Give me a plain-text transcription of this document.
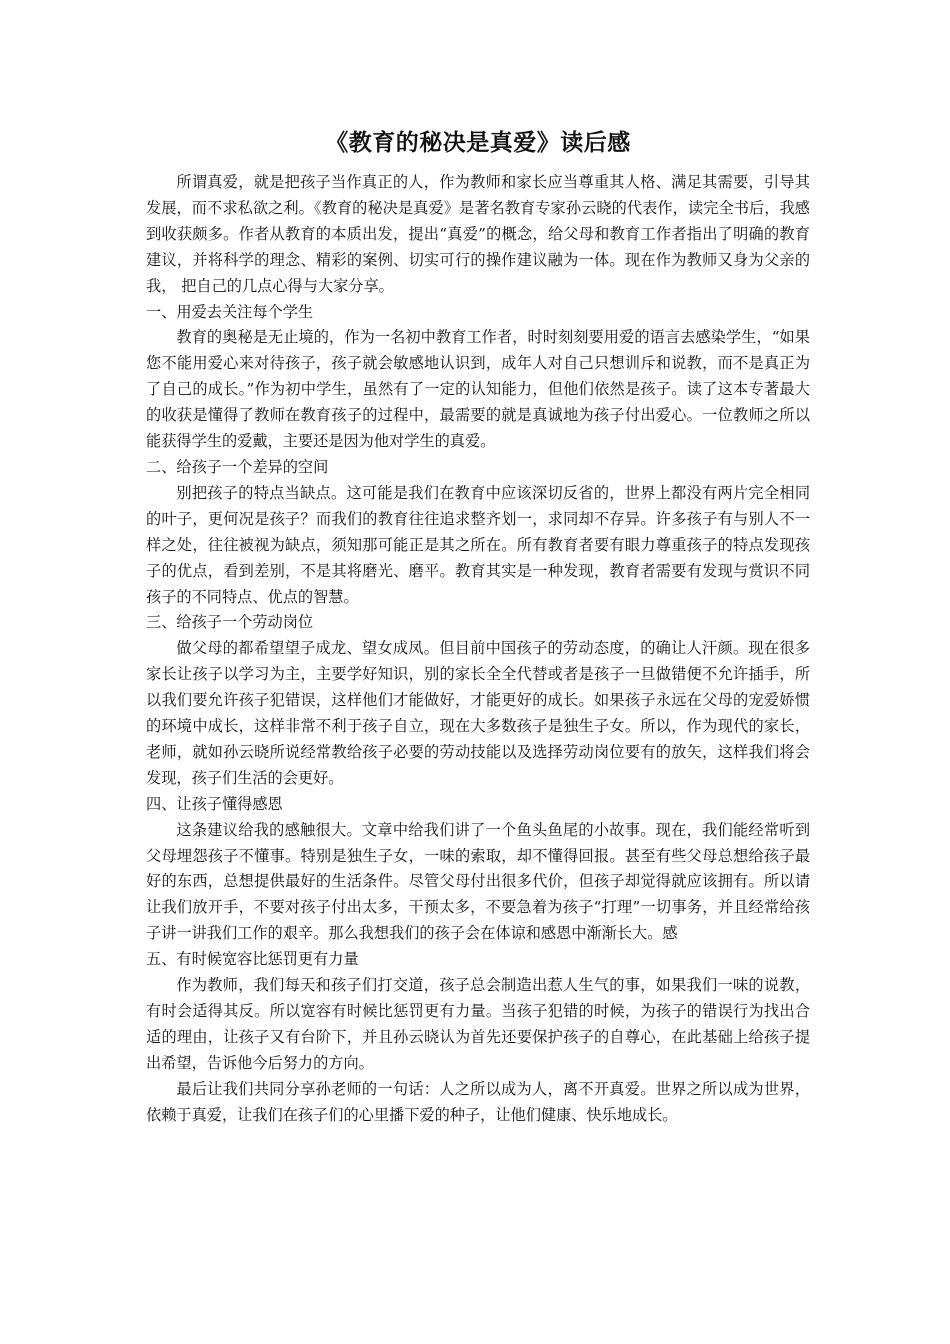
《教育的秘决是真爱》读后感

所谓真爱，就是把孩子当作真正的人，作为教师和家长应当尊重其人格、满足其需要，引导其发展，而不求私欲之利。《教育的秘决是真爱》是著名教育专家孙云晓的代表作，读完全书后，我感到收获颇多。作者从教育的本质出发，提出“真爱”的概念，给父母和教育工作者指出了明确的教育建议，并将科学的理念、精彩的案例、切实可行的操作建议融为一体。现在作为教师又身为父亲的我， 把自己的几点心得与大家分享。

一、用爱去关注每个学生

教育的奥秘是无止境的，作为一名初中教育工作者，时时刻刻要用爱的语言去感染学生，“如果您不能用爱心来对待孩子，孩子就会敏感地认识到，成年人对自己只想训斥和说教，而不是真正为了自己的成长。”作为初中学生，虽然有了一定的认知能力，但他们依然是孩子。读了这本专著最大的收获是懂得了教师在教育孩子的过程中，最需要的就是真诚地为孩子付出爱心。一位教师之所以能获得学生的爱戴，主要还是因为他对学生的真爱。

二、给孩子一个差异的空间

别把孩子的特点当缺点。这可能是我们在教育中应该深切反省的，世界上都没有两片完全相同的叶子，更何况是孩子？而我们的教育往往追求整齐划一，求同却不存异。许多孩子有与别人不一样之处，往往被视为缺点，须知那可能正是其之所在。所有教育者要有眼力尊重孩子的特点发现孩子的优点，看到差别，不是其将磨光、磨平。教育其实是一种发现，教育者需要有发现与赏识不同孩子的不同特点、优点的智慧。

三、给孩子一个劳动岗位

做父母的都希望望子成龙、望女成凤。但目前中国孩子的劳动态度，的确让人汗颜。现在很多家长让孩子以学习为主，主要学好知识，别的家长全全代替或者是孩子一旦做错便不允许插手，所以我们要允许孩子犯错误，这样他们才能做好，才能更好的成长。如果孩子永远在父母的宠爱娇惯的环境中成长，这样非常不利于孩子自立，现在大多数孩子是独生子女。所以，作为现代的家长，老师，就如孙云晓所说经常教给孩子必要的劳动技能以及选择劳动岗位要有的放矢，这样我们将会发现，孩子们生活的会更好。

四、让孩子懂得感恩

这条建议给我的感触很大。文章中给我们讲了一个鱼头鱼尾的小故事。现在，我们能经常听到父母埋怨孩子不懂事。特别是独生子女，一味的索取，却不懂得回报。甚至有些父母总想给孩子最好的东西，总想提供最好的生活条件。尽管父母付出很多代价，但孩子却觉得就应该拥有。所以请让我们放开手，不要对孩子付出太多，干预太多，不要急着为孩子“打理”一切事务，并且经常给孩子讲一讲我们工作的艰辛。那么我想我们的孩子会在体谅和感恩中渐渐长大。感

五、有时候宽容比惩罚更有力量

作为教师，我们每天和孩子们打交道，孩子总会制造出惹人生气的事，如果我们一味的说教，有时会适得其反。所以宽容有时候比惩罚更有力量。当孩子犯错的时候，为孩子的错误行为找出合适的理由，让孩子又有台阶下，并且孙云晓认为首先还要保护孩子的自尊心，在此基础上给孩子提出希望，告诉他今后努力的方向。

最后让我们共同分享孙老师的一句话：人之所以成为人，离不开真爱。世界之所以成为世界，依赖于真爱，让我们在孩子们的心里播下爱的种子，让他们健康、快乐地成长。
